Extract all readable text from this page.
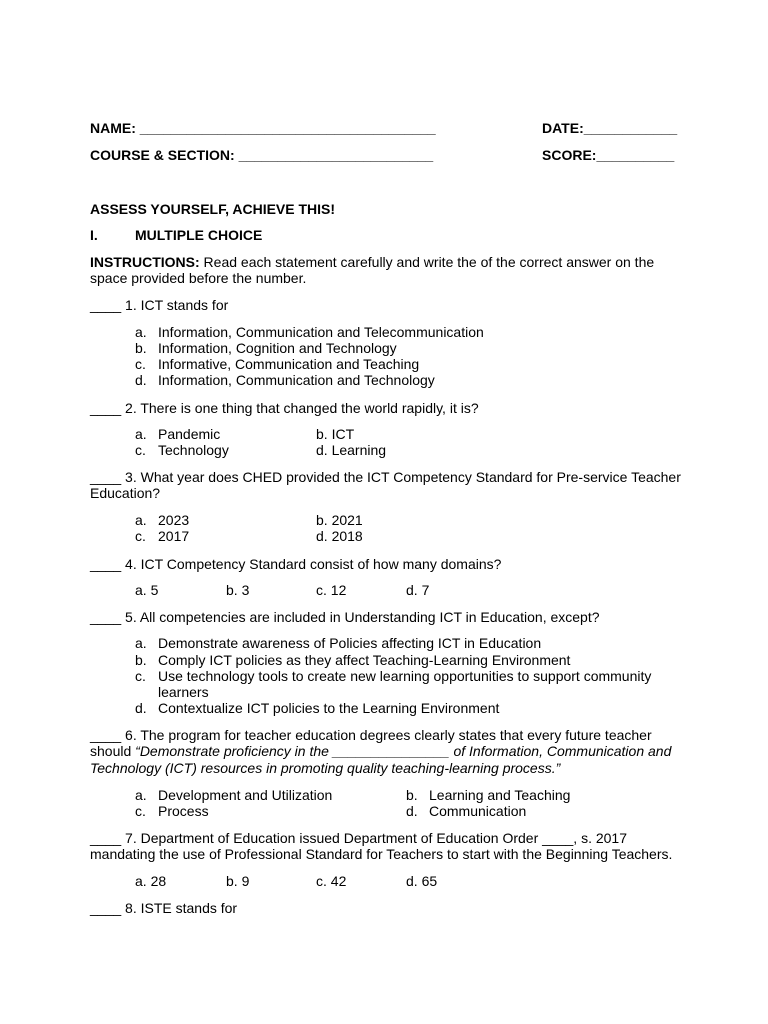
NAME: ______________________________________	DATE:____________
COURSE & SECTION: _________________________	SCORE:__________
ASSESS YOURSELF, ACHIEVE THIS!
I.	MULTIPLE CHOICE
INSTRUCTIONS: Read each statement carefully and write the of the correct answer on the
space provided before the number.
____ 1. ICT stands for
a. Information, Communication and Telecommunication
b. Information, Cognition and Technology
c. Informative, Communication and Teaching
d. Information, Communication and Technology
____ 2. There is one thing that changed the world rapidly, it is?
a. Pandemic	b. ICT
c. Technology	d. Learning
____ 3. What year does CHED provided the ICT Competency Standard for Pre-service Teacher
Education?
a. 2023	b. 2021
c. 2017	d. 2018
____ 4. ICT Competency Standard consist of how many domains?
a. 5	b. 3	c. 12	d. 7
____ 5. All competencies are included in Understanding ICT in Education, except?
a. Demonstrate awareness of Policies affecting ICT in Education
b. Comply ICT policies as they affect Teaching-Learning Environment
c. Use technology tools to create new learning opportunities to support community
learners
d. Contextualize ICT policies to the Learning Environment
____ 6. The program for teacher education degrees clearly states that every future teacher
should “Demonstrate proficiency in the _______________ of Information, Communication and
Technology (ICT) resources in promoting quality teaching-learning process.”
a. Development and Utilization	b. Learning and Teaching
c. Process	d. Communication
____ 7. Department of Education issued Department of Education Order ____, s. 2017
mandating the use of Professional Standard for Teachers to start with the Beginning Teachers.
a. 28	b. 9	c. 42	d. 65
____ 8. ISTE stands for
